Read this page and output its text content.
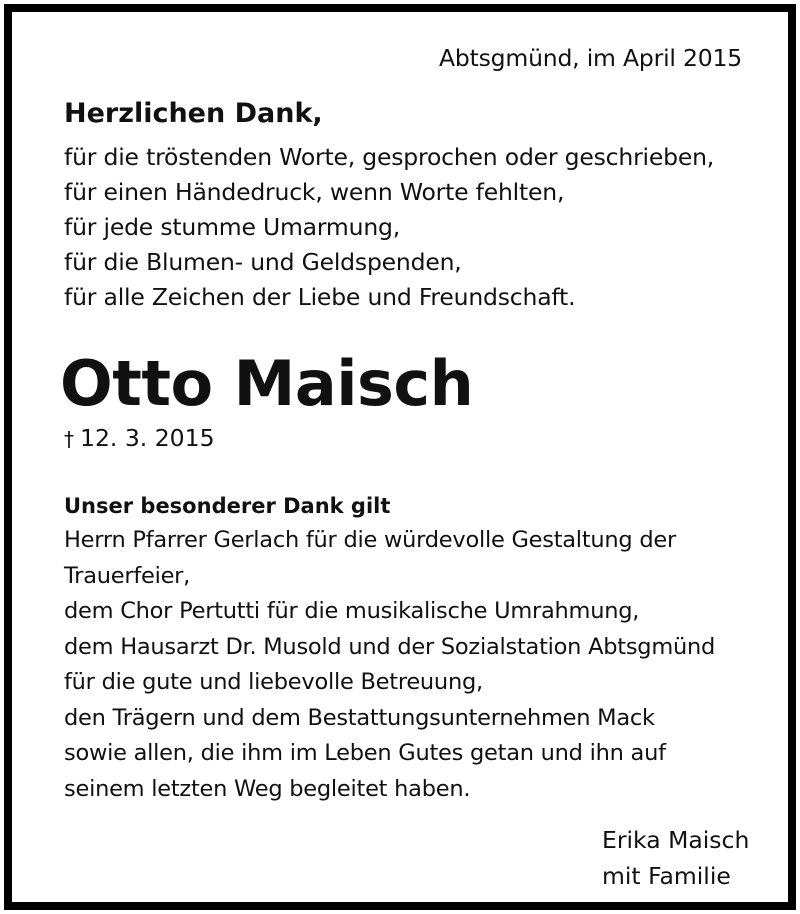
Abtsgmünd, im April 2015
Herzlichen Dank,
für die tröstenden Worte, gesprochen oder geschrieben,
für einen Händedruck, wenn Worte fehlten,
für jede stumme Umarmung,
für die Blumen- und Geldspenden,
für alle Zeichen der Liebe und Freundschaft.
Otto Maisch
† 12. 3. 2015
Unser besonderer Dank gilt
Herrn Pfarrer Gerlach für die würdevolle Gestaltung der
Trauerfeier,
dem Chor Pertutti für die musikalische Umrahmung,
dem Hausarzt Dr. Musold und der Sozialstation Abtsgmünd
für die gute und liebevolle Betreuung,
den Trägern und dem Bestattungsunternehmen Mack
sowie allen, die ihm im Leben Gutes getan und ihn auf
seinem letzten Weg begleitet haben.
Erika Maisch
mit Familie
